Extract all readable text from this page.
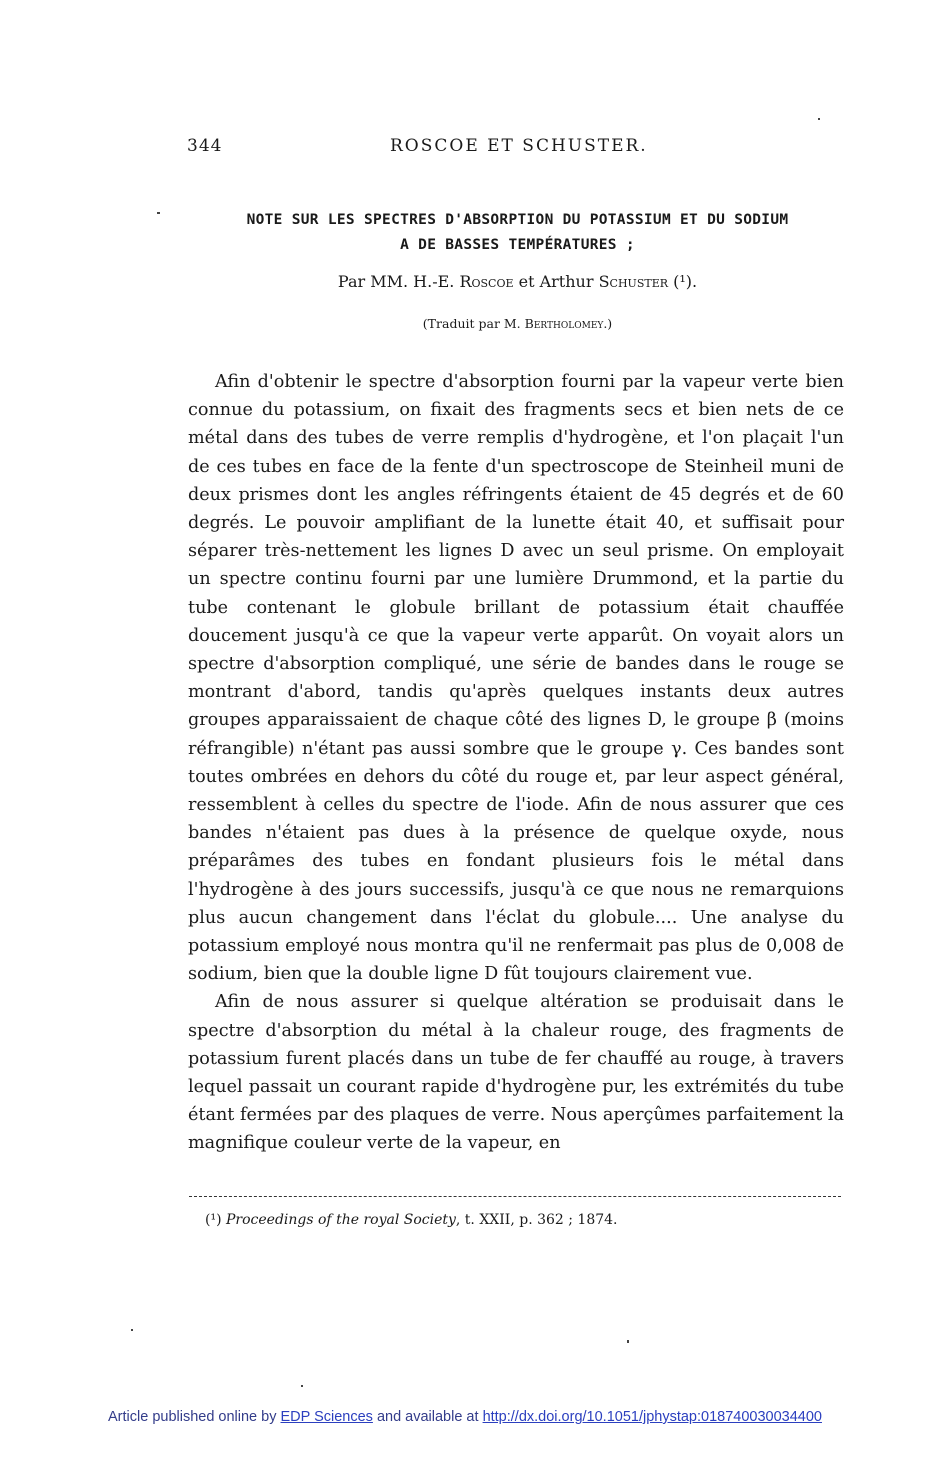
344	ROSCOE ET SCHUSTER.
NOTE SUR LES SPECTRES D'ABSORPTION DU POTASSIUM ET DU SODIUM
A DE BASSES TEMPÉRATURES ;
Par MM. H.-E. Roscoe et Arthur Schuster (¹).
(Traduit par M. Bertholomey.)

Afin d'obtenir le spectre d'absorption fourni par la vapeur verte bien connue du potassium, on fixait des fragments secs et bien nets de ce métal dans des tubes de verre remplis d'hydrogène, et l'on plaçait l'un de ces tubes en face de la fente d'un spectroscope de Steinheil muni de deux prismes dont les angles réfringents étaient de 45 degrés et de 60 degrés. Le pouvoir amplifiant de la lunette était 40, et suffisait pour séparer très-nettement les lignes D avec un seul prisme. On employait un spectre continu fourni par une lumière Drummond, et la partie du tube contenant le globule brillant de potassium était chauffée doucement jusqu'à ce que la vapeur verte apparût. On voyait alors un spectre d'absorption compliqué, une série de bandes dans le rouge se montrant d'abord, tandis qu'après quelques instants deux autres groupes apparaissaient de chaque côté des lignes D, le groupe β (moins réfrangible) n'étant pas aussi sombre que le groupe γ. Ces bandes sont toutes ombrées en dehors du côté du rouge et, par leur aspect général, ressemblent à celles du spectre de l'iode. Afin de nous assurer que ces bandes n'étaient pas dues à la présence de quelque oxyde, nous préparâmes des tubes en fondant plusieurs fois le métal dans l'hydrogène à des jours successifs, jusqu'à ce que nous ne remarquions plus aucun changement dans l'éclat du globule.... Une analyse du potassium employé nous montra qu'il ne renfermait pas plus de 0,008 de sodium, bien que la double ligne D fût toujours clairement vue.

Afin de nous assurer si quelque altération se produisait dans le spectre d'absorption du métal à la chaleur rouge, des fragments de potassium furent placés dans un tube de fer chauffé au rouge, à travers lequel passait un courant rapide d'hydrogène pur, les extrémités du tube étant fermées par des plaques de verre. Nous aperçûmes parfaitement la magnifique couleur verte de la vapeur, en

(¹) Proceedings of the royal Society, t. XXII, p. 362 ; 1874.
Article published online by EDP Sciences and available at http://dx.doi.org/10.1051/jphystap:018740030034400
